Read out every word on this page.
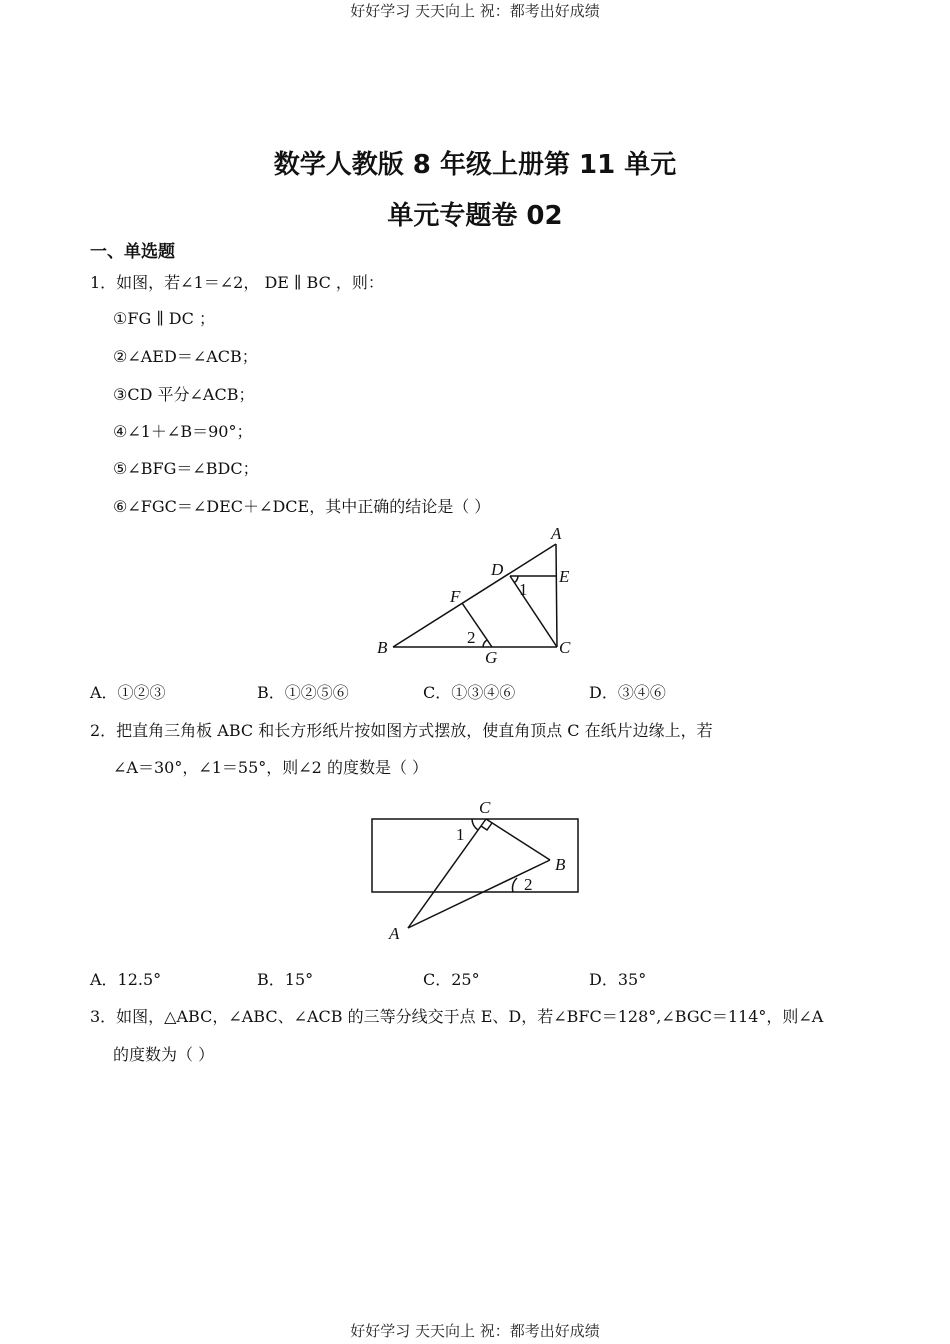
好好学习 天天向上 祝：都考出好成绩
数学人教版 8 年级上册第 11 单元
单元专题卷 02
一、单选题
1．如图，若∠1＝∠2， DE ∥ BC ，则：
①FG ∥ DC ；
②∠AED＝∠ACB；
③CD 平分∠ACB；
④∠1＋∠B＝90°；
⑤∠BFG＝∠BDC；
⑥∠FGC＝∠DEC＋∠DCE，其中正确的结论是（ ）
A
D	E
F	1
2
B
G
C
A．①②③	B．①②⑤⑥	C．①③④⑥	D．③④⑥
2．把直角三角板 ABC 和长方形纸片按如图方式摆放，使直角顶点 C 在纸片边缘上，若
∠A＝30°，∠1＝55°，则∠2 的度数是（ ）
C
1
B
2
A
A．12.5°	B．15°	C．25°	D．35°
3．如图，△ABC，∠ABC、∠ACB 的三等分线交于点 E、D，若∠BFC＝128°,∠BGC＝114°，则∠A
的度数为（ ）
好好学习 天天向上 祝：都考出好成绩
